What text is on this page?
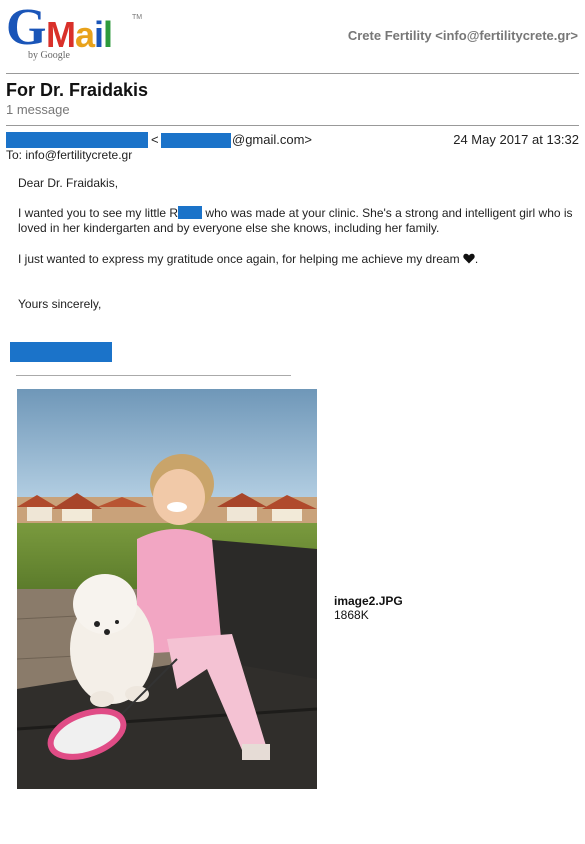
G Mail	TM
by Google
Crete Fertility <info@fertilitycrete.gr>
For Dr. Fraidakis
1 message
<	@gmail.com>	24 May 2017 at 13:32
To: info@fertilitycrete.gr
Dear Dr. Fraidakis,
I wanted you to see my little R who was made at your clinic. She's a strong and intelligent girl who is loved in her kindergarten and by everyone else she knows, including her family.
I just wanted to express my gratitude once again, for helping me achieve my dream .
Yours sincerely,
image2.JPG
1868K
